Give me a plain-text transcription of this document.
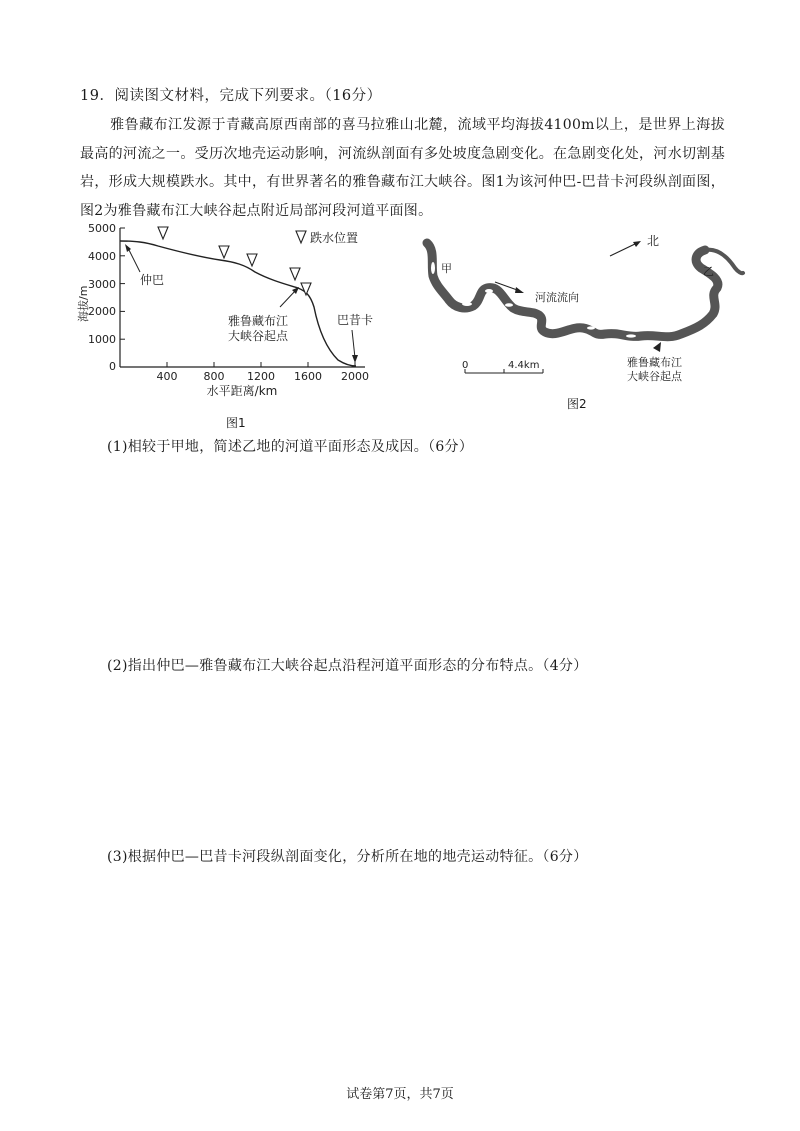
19．阅读图文材料，完成下列要求。（16分）
雅鲁藏布江发源于青藏高原西南部的喜马拉雅山北麓，流域平均海拔4100m以上，是世界上海拔最高的河流之一。受历次地壳运动影响，河流纵剖面有多处坡度急剧变化。在急剧变化处，河水切割基岩，形成大规模跌水。其中，有世界著名的雅鲁藏布江大峡谷。图1为该河仲巴-巴昔卡河段纵剖面图，图2为雅鲁藏布江大峡谷起点附近局部河段河道平面图。
5000
4000
3000
2000
1000
0
400 800 1200 1600 2000
海拔/m
水平距离/km
跌水位置
仲巴
雅鲁藏布江
大峡谷起点
巴昔卡
图1
北
甲	乙
河流流向
雅鲁藏布江
大峡谷起点
0	4.4km
图2
(1)相较于甲地，简述乙地的河道平面形态及成因。（6分）
(2)指出仲巴—雅鲁藏布江大峡谷起点沿程河道平面形态的分布特点。（4分）
(3)根据仲巴—巴昔卡河段纵剖面变化，分析所在地的地壳运动特征。（6分）
试卷第7页，共7页
